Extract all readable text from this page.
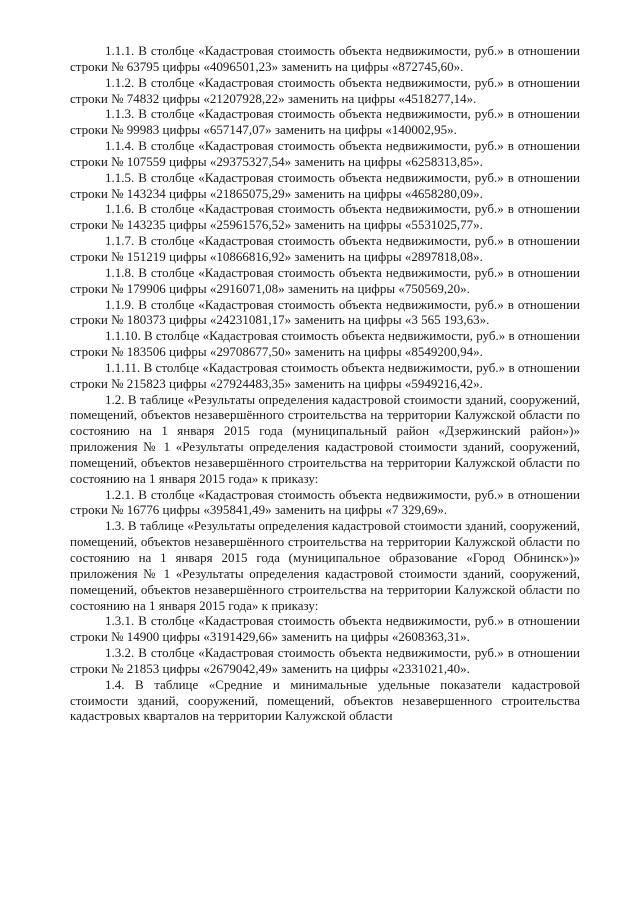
1.1.1. В столбце «Кадастровая стоимость объекта недвижимости, руб.» в отношении строки № 63795 цифры «4096501,23» заменить на цифры «872745,60».

1.1.2. В столбце «Кадастровая стоимость объекта недвижимости, руб.» в отношении строки № 74832 цифры «21207928,22» заменить на цифры «4518277,14».

1.1.3. В столбце «Кадастровая стоимость объекта недвижимости, руб.» в отношении строки № 99983 цифры «657147,07» заменить на цифры «140002,95».

1.1.4. В столбце «Кадастровая стоимость объекта недвижимости, руб.» в отношении строки № 107559 цифры «29375327,54» заменить на цифры «6258313,85».

1.1.5. В столбце «Кадастровая стоимость объекта недвижимости, руб.» в отношении строки № 143234 цифры «21865075,29» заменить на цифры «4658280,09».

1.1.6. В столбце «Кадастровая стоимость объекта недвижимости, руб.» в отношении строки № 143235 цифры «25961576,52» заменить на цифры «5531025,77».

1.1.7. В столбце «Кадастровая стоимость объекта недвижимости, руб.» в отношении строки № 151219 цифры «10866816,92» заменить на цифры «2897818,08».

1.1.8. В столбце «Кадастровая стоимость объекта недвижимости, руб.» в отношении строки № 179906 цифры «2916071,08» заменить на цифры «750569,20».

1.1.9. В столбце «Кадастровая стоимость объекта недвижимости, руб.» в отношении строки № 180373 цифры «24231081,17» заменить на цифры «3 565 193,63».

1.1.10. В столбце «Кадастровая стоимость объекта недвижимости, руб.» в отношении строки № 183506 цифры «29708677,50» заменить на цифры «8549200,94».

1.1.11. В столбце «Кадастровая стоимость объекта недвижимости, руб.» в отношении строки № 215823 цифры «27924483,35» заменить на цифры «5949216,42».

1.2. В таблице «Результаты определения кадастровой стоимости зданий, сооружений, помещений, объектов незавершённого строительства на территории Калужской области по состоянию на 1 января 2015 года (муниципальный район «Дзержинский район»)» приложения № 1 «Результаты определения кадастровой стоимости зданий, сооружений, помещений, объектов незавершённого строительства на территории Калужской области по состоянию на 1 января 2015 года» к приказу:

1.2.1. В столбце «Кадастровая стоимость объекта недвижимости, руб.» в отношении строки № 16776 цифры «395841,49» заменить на цифры «7 329,69».

1.3. В таблице «Результаты определения кадастровой стоимости зданий, сооружений, помещений, объектов незавершённого строительства на территории Калужской области по состоянию на 1 января 2015 года (муниципальное образование «Город Обнинск»)» приложения № 1 «Результаты определения кадастровой стоимости зданий, сооружений, помещений, объектов незавершённого строительства на территории Калужской области по состоянию на 1 января 2015 года» к приказу:

1.3.1. В столбце «Кадастровая стоимость объекта недвижимости, руб.» в отношении строки № 14900 цифры «3191429,66» заменить на цифры «2608363,31».

1.3.2. В столбце «Кадастровая стоимость объекта недвижимости, руб.» в отношении строки № 21853 цифры «2679042,49» заменить на цифры «2331021,40».

1.4. В таблице «Средние и минимальные удельные показатели кадастровой стоимости зданий, сооружений, помещений, объектов незавершенного строительства кадастровых кварталов на территории Калужской области
